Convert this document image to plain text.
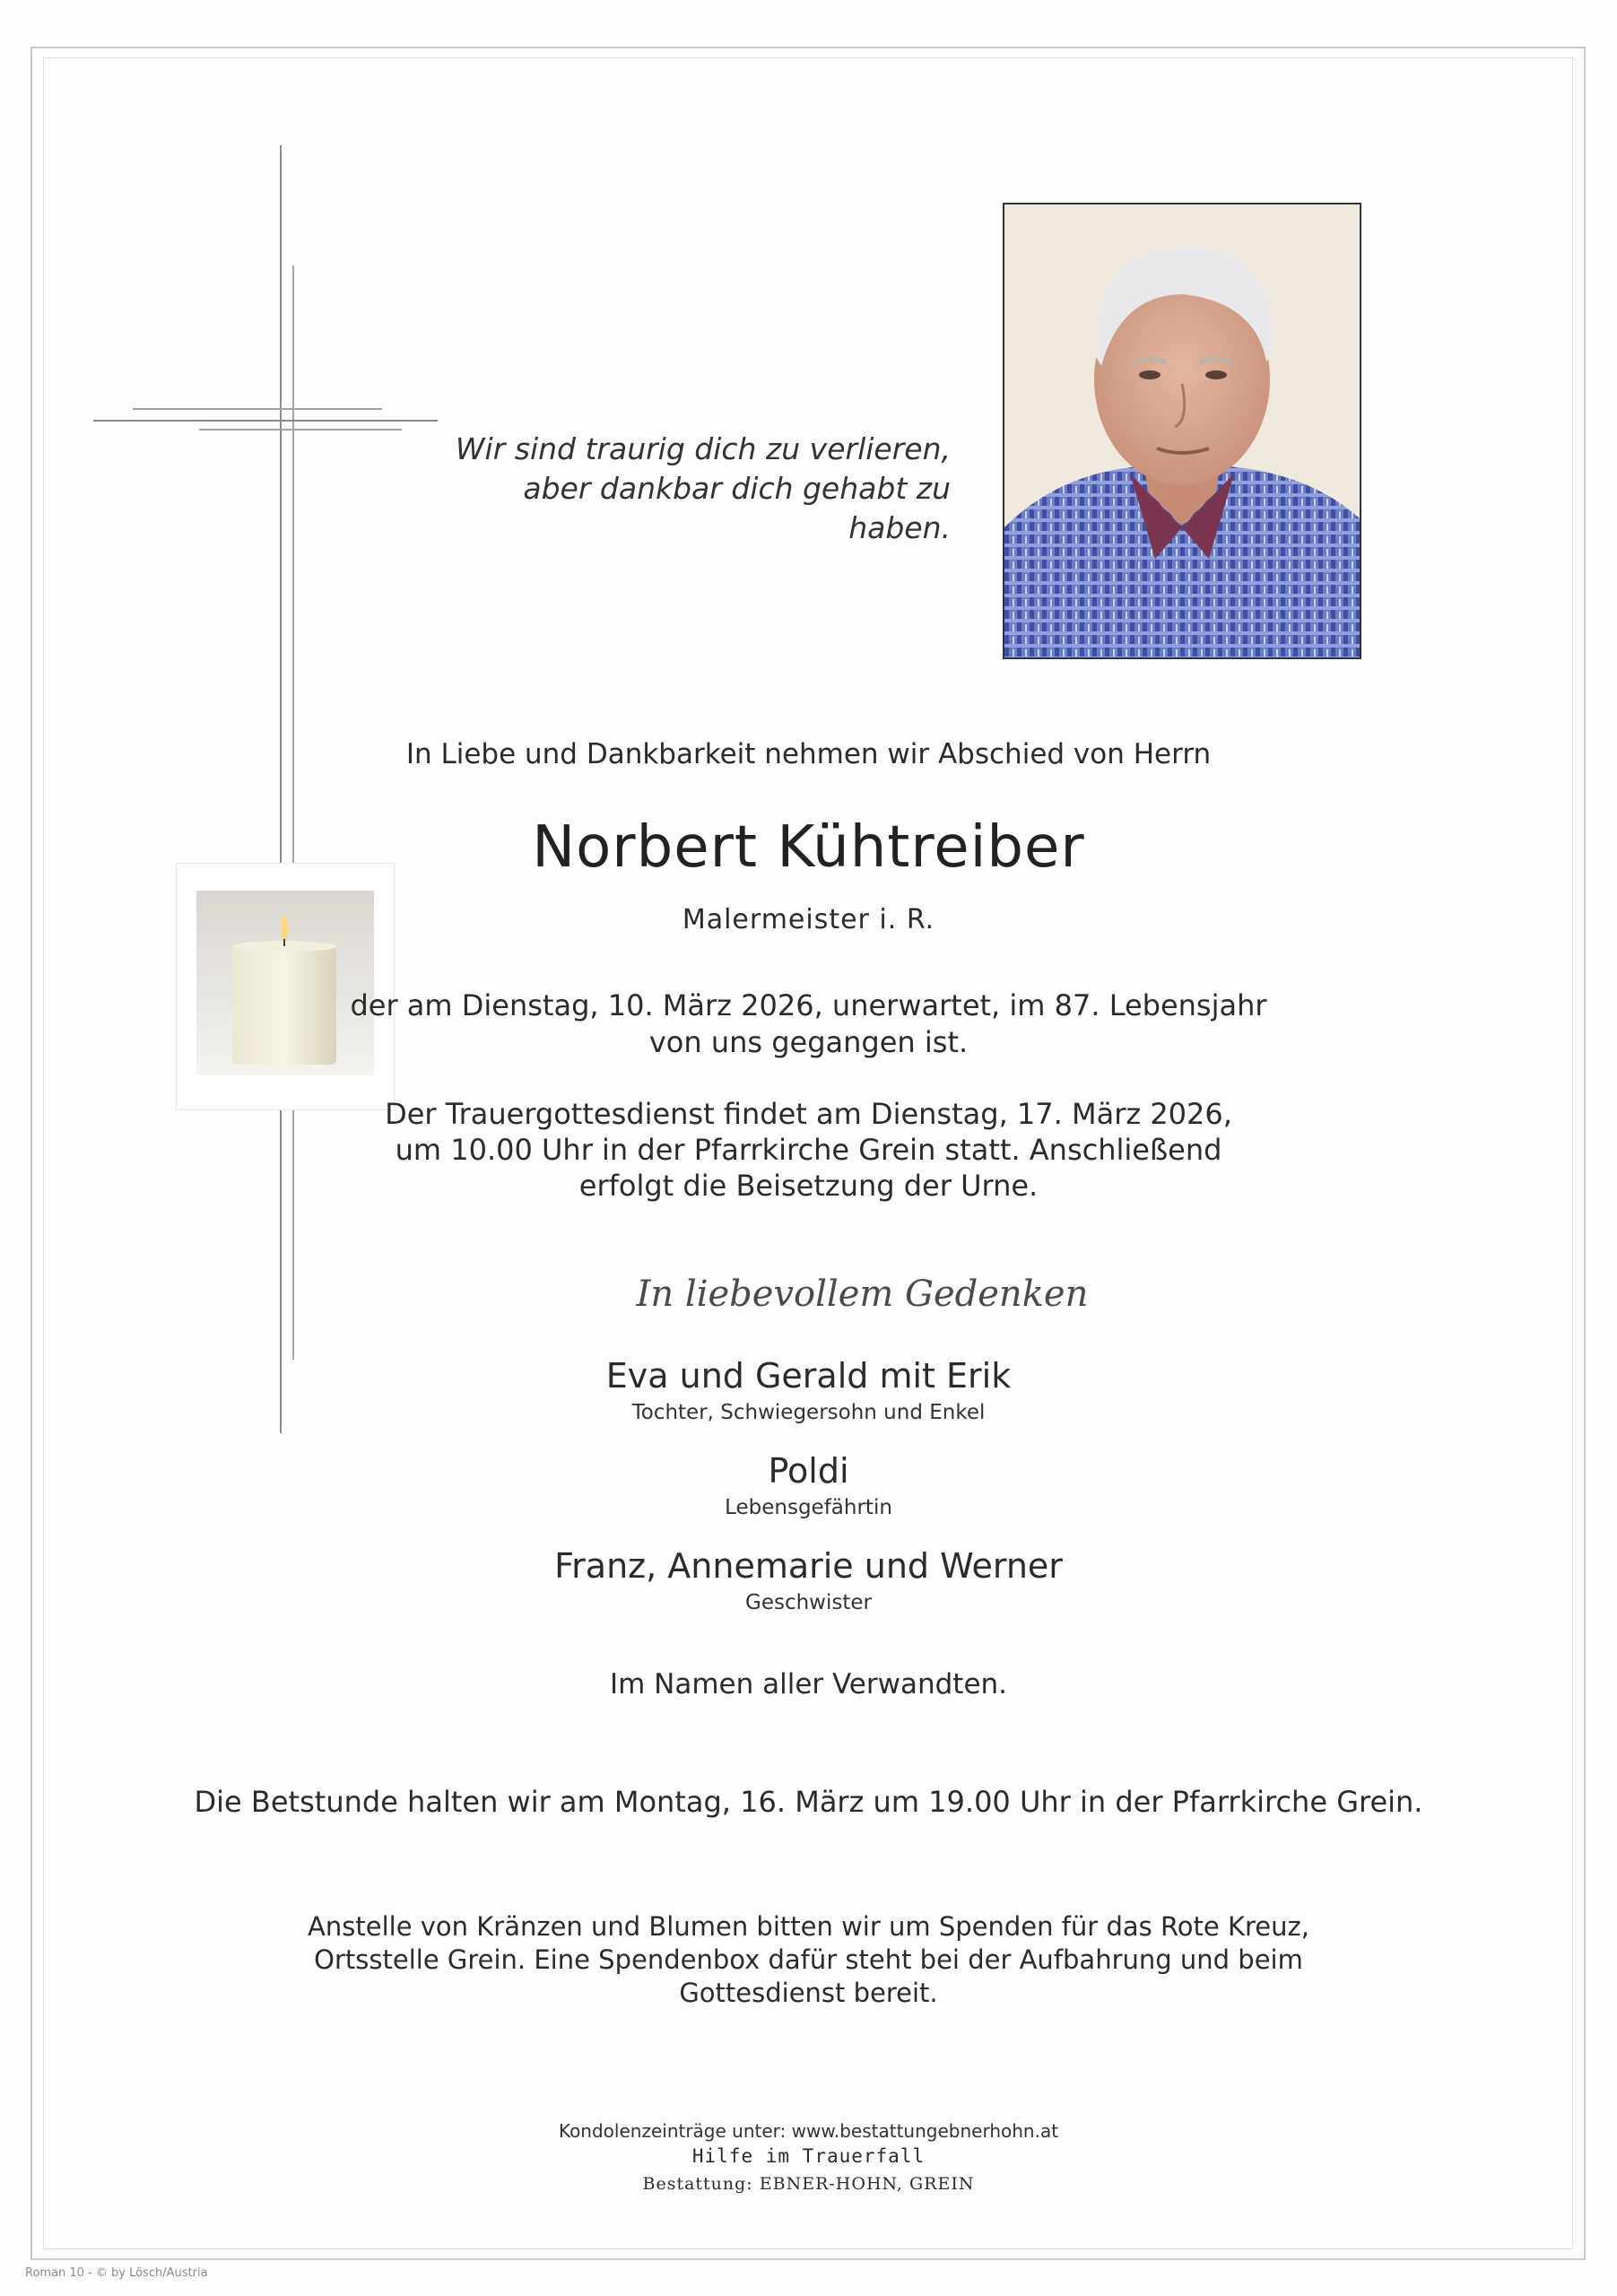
Wir sind traurig dich zu verlieren,
aber dankbar dich gehabt zu haben.
In Liebe und Dankbarkeit nehmen wir Abschied von Herrn
Norbert Kühtreiber
Malermeister i. R.
der am Dienstag, 10. März 2026, unerwartet, im 87. Lebensjahr
von uns gegangen ist.
Der Trauergottesdienst findet am Dienstag, 17. März 2026,
um 10.00 Uhr in der Pfarrkirche Grein statt. Anschließend
erfolgt die Beisetzung der Urne.
In liebevollem Gedenken
Eva und Gerald mit Erik
Tochter, Schwiegersohn und Enkel
Poldi
Lebensgefährtin
Franz, Annemarie und Werner
Geschwister
Im Namen aller Verwandten.
Die Betstunde halten wir am Montag, 16. März um 19.00 Uhr in der Pfarrkirche Grein.
Anstelle von Kränzen und Blumen bitten wir um Spenden für das Rote Kreuz,
Ortsstelle Grein. Eine Spendenbox dafür steht bei der Aufbahrung und beim
Gottesdienst bereit.
Kondolenzeinträge unter: www.bestattungebnerhohn.at
Hilfe im Trauerfall
Bestattung: EBNER-HOHN, GREIN
Roman 10 - © by Lösch/Austria
